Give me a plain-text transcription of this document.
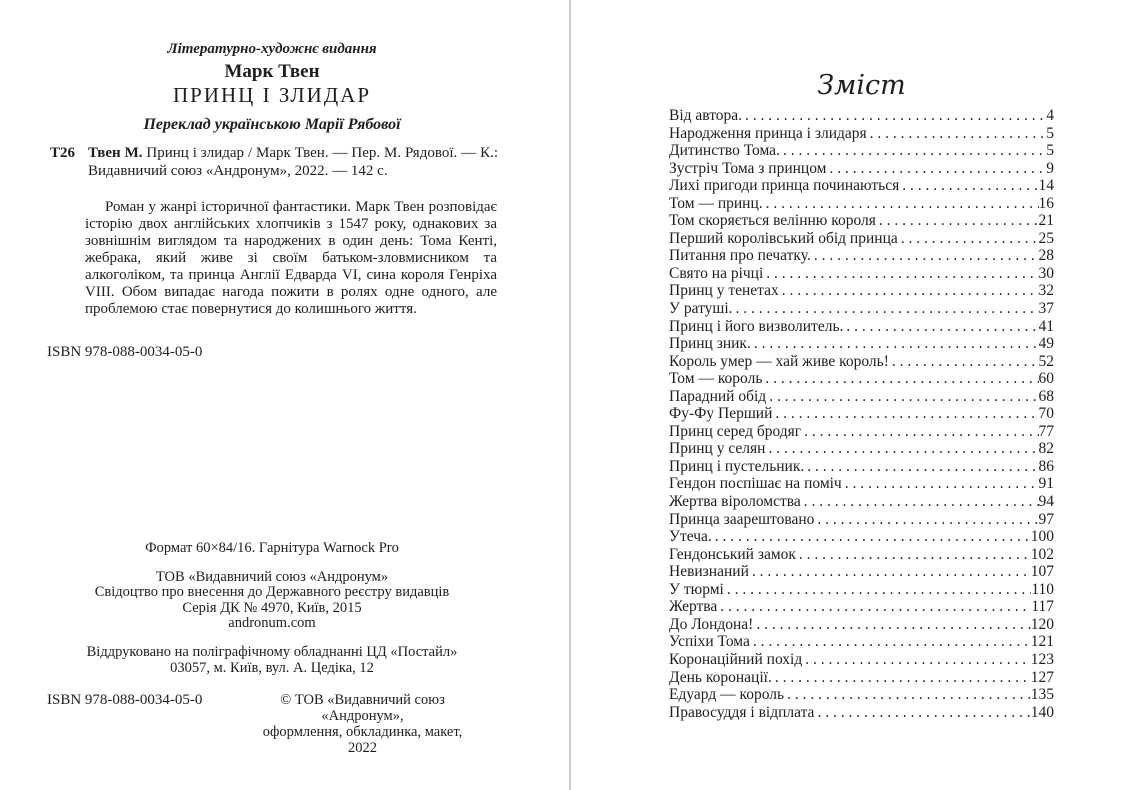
Літературно-художнє видання
Марк Твен
ПРИНЦ І ЗЛИДАР
Переклад українською Марії Рябової
Т26 Твен М. Принц і злидар / Марк Твен. — Пер. М. Рядової. — К.: Видавничий союз «Андронум», 2022. — 142 с.
Роман у жанрі історичної фантастики. Марк Твен розповідає історію двох англійських хлопчиків з 1547 року, однакових за зовнішнім виглядом та народжених в один день: Тома Кенті, жебрака, який живе зі своїм батьком-зловмисником та алкоголіком, та принца Англії Едварда VI, сина короля Генріха VIII. Обом випадає нагода пожити в ролях одне одного, але проблемою стає повернутися до колишнього життя.
ISBN 978-088-0034-05-0
Формат 60×84/16. Гарнітура Warnock Pro
ТОВ «Видавничий союз «Андронум»
Свідоцтво про внесення до Державного реєстру видавців
Серія ДК № 4970, Київ, 2015
andronum.com
Віддруковано на поліграфічному обладнанні ЦД «Постайл»
03057, м. Київ, вул. А. Цедіка, 12
ISBN 978-088-0034-05-0	© ТОВ «Видавничий союз «Андронум»,
оформлення, обкладинка, макет, 2022
Зміст
Від автора. . . .	4
Народження принца і злидаря . . .	5
Дитинство Тома. . . .	5
Зустріч Тома з принцом . . .	9
Лихі пригоди принца починаються . . .	14
Том — принц. . . .	16
Том скоряється велінню короля . . .	21
Перший королівський обід принца . . .	25
Питання про печатку. . . .	28
Свято на річці . . .	30
Принц у тенетах . . .	32
У ратуші. . . .	37
Принц і його визволитель. . . .	41
Принц зник. . . .	49
Король умер — хай живе король! . . .	52
Том — король . . .	60
Парадний обід . . .	68
Фу-Фу Перший . . .	70
Принц серед бродяг . . .	77
Принц у селян . . .	82
Принц і пустельник. . . .	86
Гендон поспішає на поміч . . .	91
Жертва віроломства . . .	94
Принца заарештовано . . .	97
Утеча. . . .	100
Гендонський замок . . .	102
Невизнаний . . .	107
У тюрмі . . .	110
Жертва . . .	117
До Лондона! . . .	120
Успіхи Тома . . .	121
Коронаційний похід . . .	123
День коронації. . . .	127
Едуард — король . . .	135
Правосуддя і відплата . . .	140
